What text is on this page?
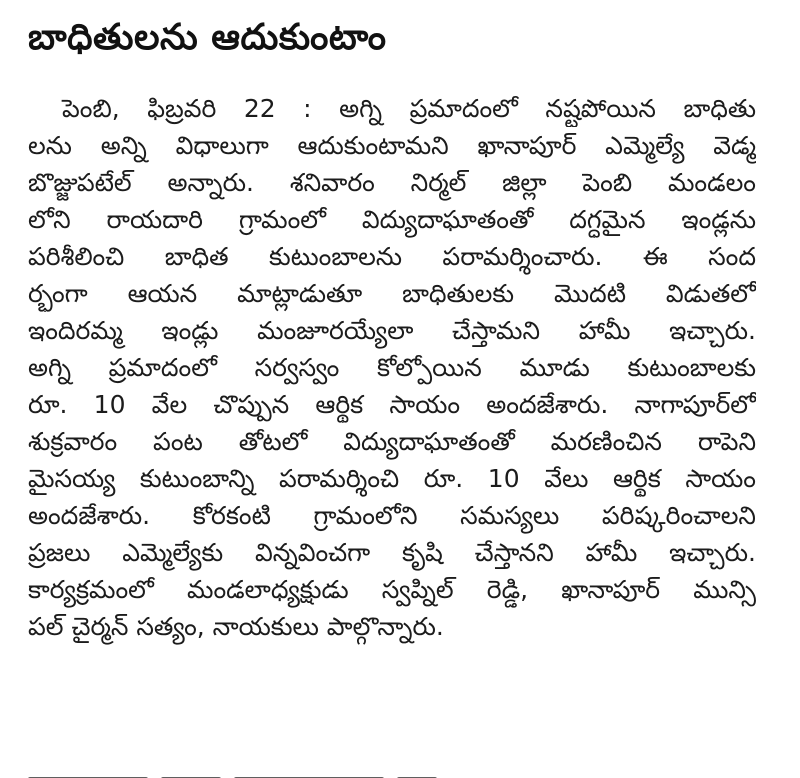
బాధితులను ఆదుకుంటాం
పెంబి, ఫిబ్రవరి 22 : అగ్ని ప్రమాదంలో నష్టపోయిన బాధితు
లను అన్ని విధాలుగా ఆదుకుంటామని ఖానాపూర్ ఎమ్మెల్యే వెడ్మ
బొజ్జుపటేల్ అన్నారు. శనివారం నిర్మల్ జిల్లా పెంబి మండలం
లోని రాయదారి గ్రామంలో విద్యుదాఘాతంతో దగ్ధమైన ఇండ్లను
పరిశీలించి బాధిత కుటుంబాలను పరామర్శించారు. ఈ సంద
ర్భంగా ఆయన మాట్లాడుతూ బాధితులకు మొదటి విడుతలో
ఇందిరమ్మ ఇండ్లు మంజూరయ్యేలా చేస్తామని హామీ ఇచ్చారు.
అగ్ని ప్రమాదంలో సర్వస్వం కోల్పోయిన మూడు కుటుంబాలకు
రూ. 10 వేల చొప్పున ఆర్థిక సాయం అందజేశారు. నాగాపూర్‌లో
శుక్రవారం పంట తోటలో విద్యుదాఘాతంతో మరణించిన రాపెని
మైసయ్య కుటుంబాన్ని పరామర్శించి రూ. 10 వేలు ఆర్థిక సాయం
అందజేశారు. కోరకంటి గ్రామంలోని సమస్యలు పరిష్కరించాలని
ప్రజలు ఎమ్మెల్యేకు విన్నవించగా కృషి చేస్తానని హామీ ఇచ్చారు.
కార్యక్రమంలో మండలాధ్యక్షుడు స్వప్నిల్ రెడ్డి, ఖానాపూర్ మున్సి
పల్ చైర్మన్ సత్యం, నాయకులు పాల్గొన్నారు.
